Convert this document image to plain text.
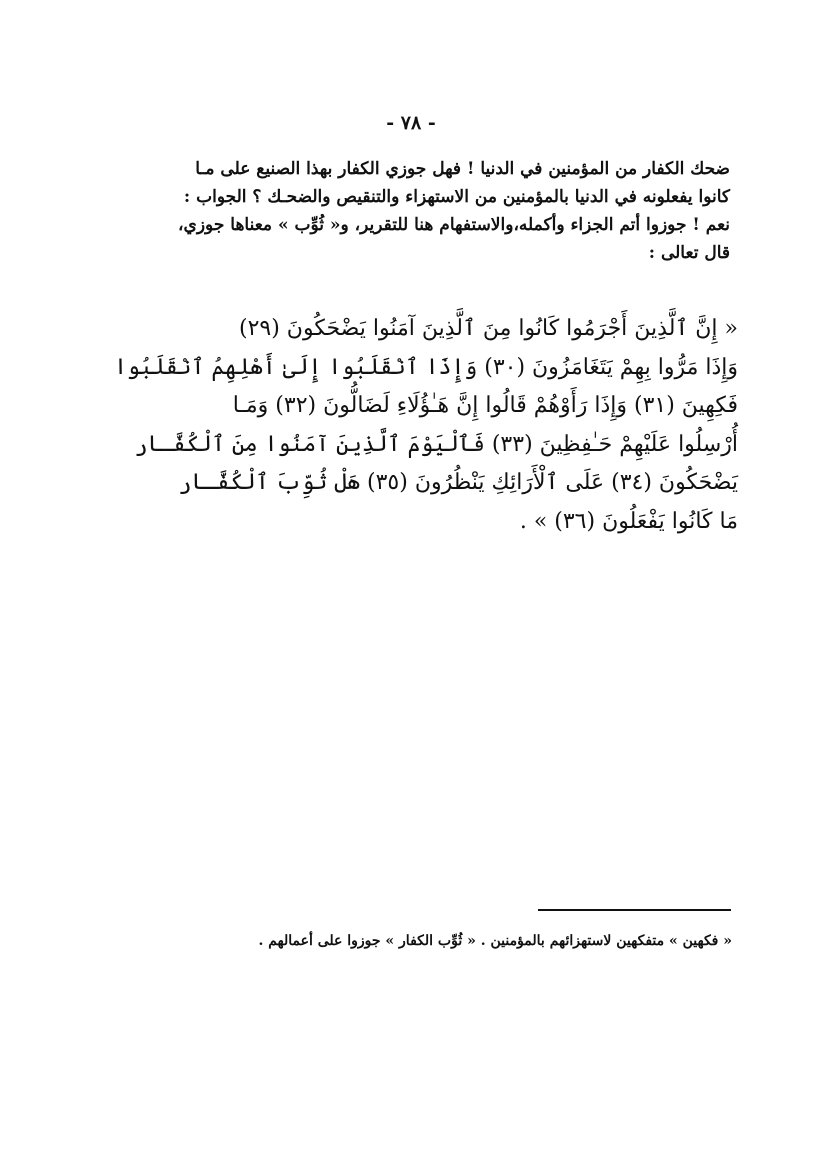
- ٧٨ -
ضحك الكفار من المؤمنين في الدنيا ! فهل جوزي الكفار بهذا الصنيع على مـا
كانوا يفعلونه في الدنيا بالمؤمنين من الاستهزاء والتنقيص والضحـك ؟ الجواب :
نعم ! جوزوا أتم الجزاء وأكمله،والاستفهام هنا للتقرير، و« ثُوِّب » معناها جوزي،
قال تعالى :
« إِنَّ ٱلَّذِينَ أَجْرَمُوا كَانُوا مِنَ ٱلَّذِينَ آمَنُوا يَضْحَكُونَ (٢٩)
وَإِذَا مَرُّوا بِهِمْ يَتَغَامَزُونَ (٣٠) وَإِذَا ٱنْقَلَبُوا إِلَىٰ أَهْلِهِمُ ٱنْقَلَبُوا
فَكِهِينَ (٣١) وَإِذَا رَأَوْهُمْ قَالُوا إِنَّ هَـٰؤُلَاءِ لَضَالُّونَ (٣٢) وَمَـا
أُرْسِلُوا عَلَيْهِمْ حَـٰفِظِينَ (٣٣) فَٱلْيَوْمَ ٱلَّذِينَ آمَنُوا مِنَ ٱلْكُفَّـار
يَضْحَكُونَ (٣٤) عَلَى ٱلْأَرَائِكِ يَنْظُرُونَ (٣٥) هَلْ ثُوِّبَ ٱلْكُفَّـار
مَا كَانُوا يَفْعَلُونَ (٣٦) » .
« فكهين » متفكهين لاستهزائهم بالمؤمنين . « ثُوِّب الكفار » جوزوا على أعمالهم .
